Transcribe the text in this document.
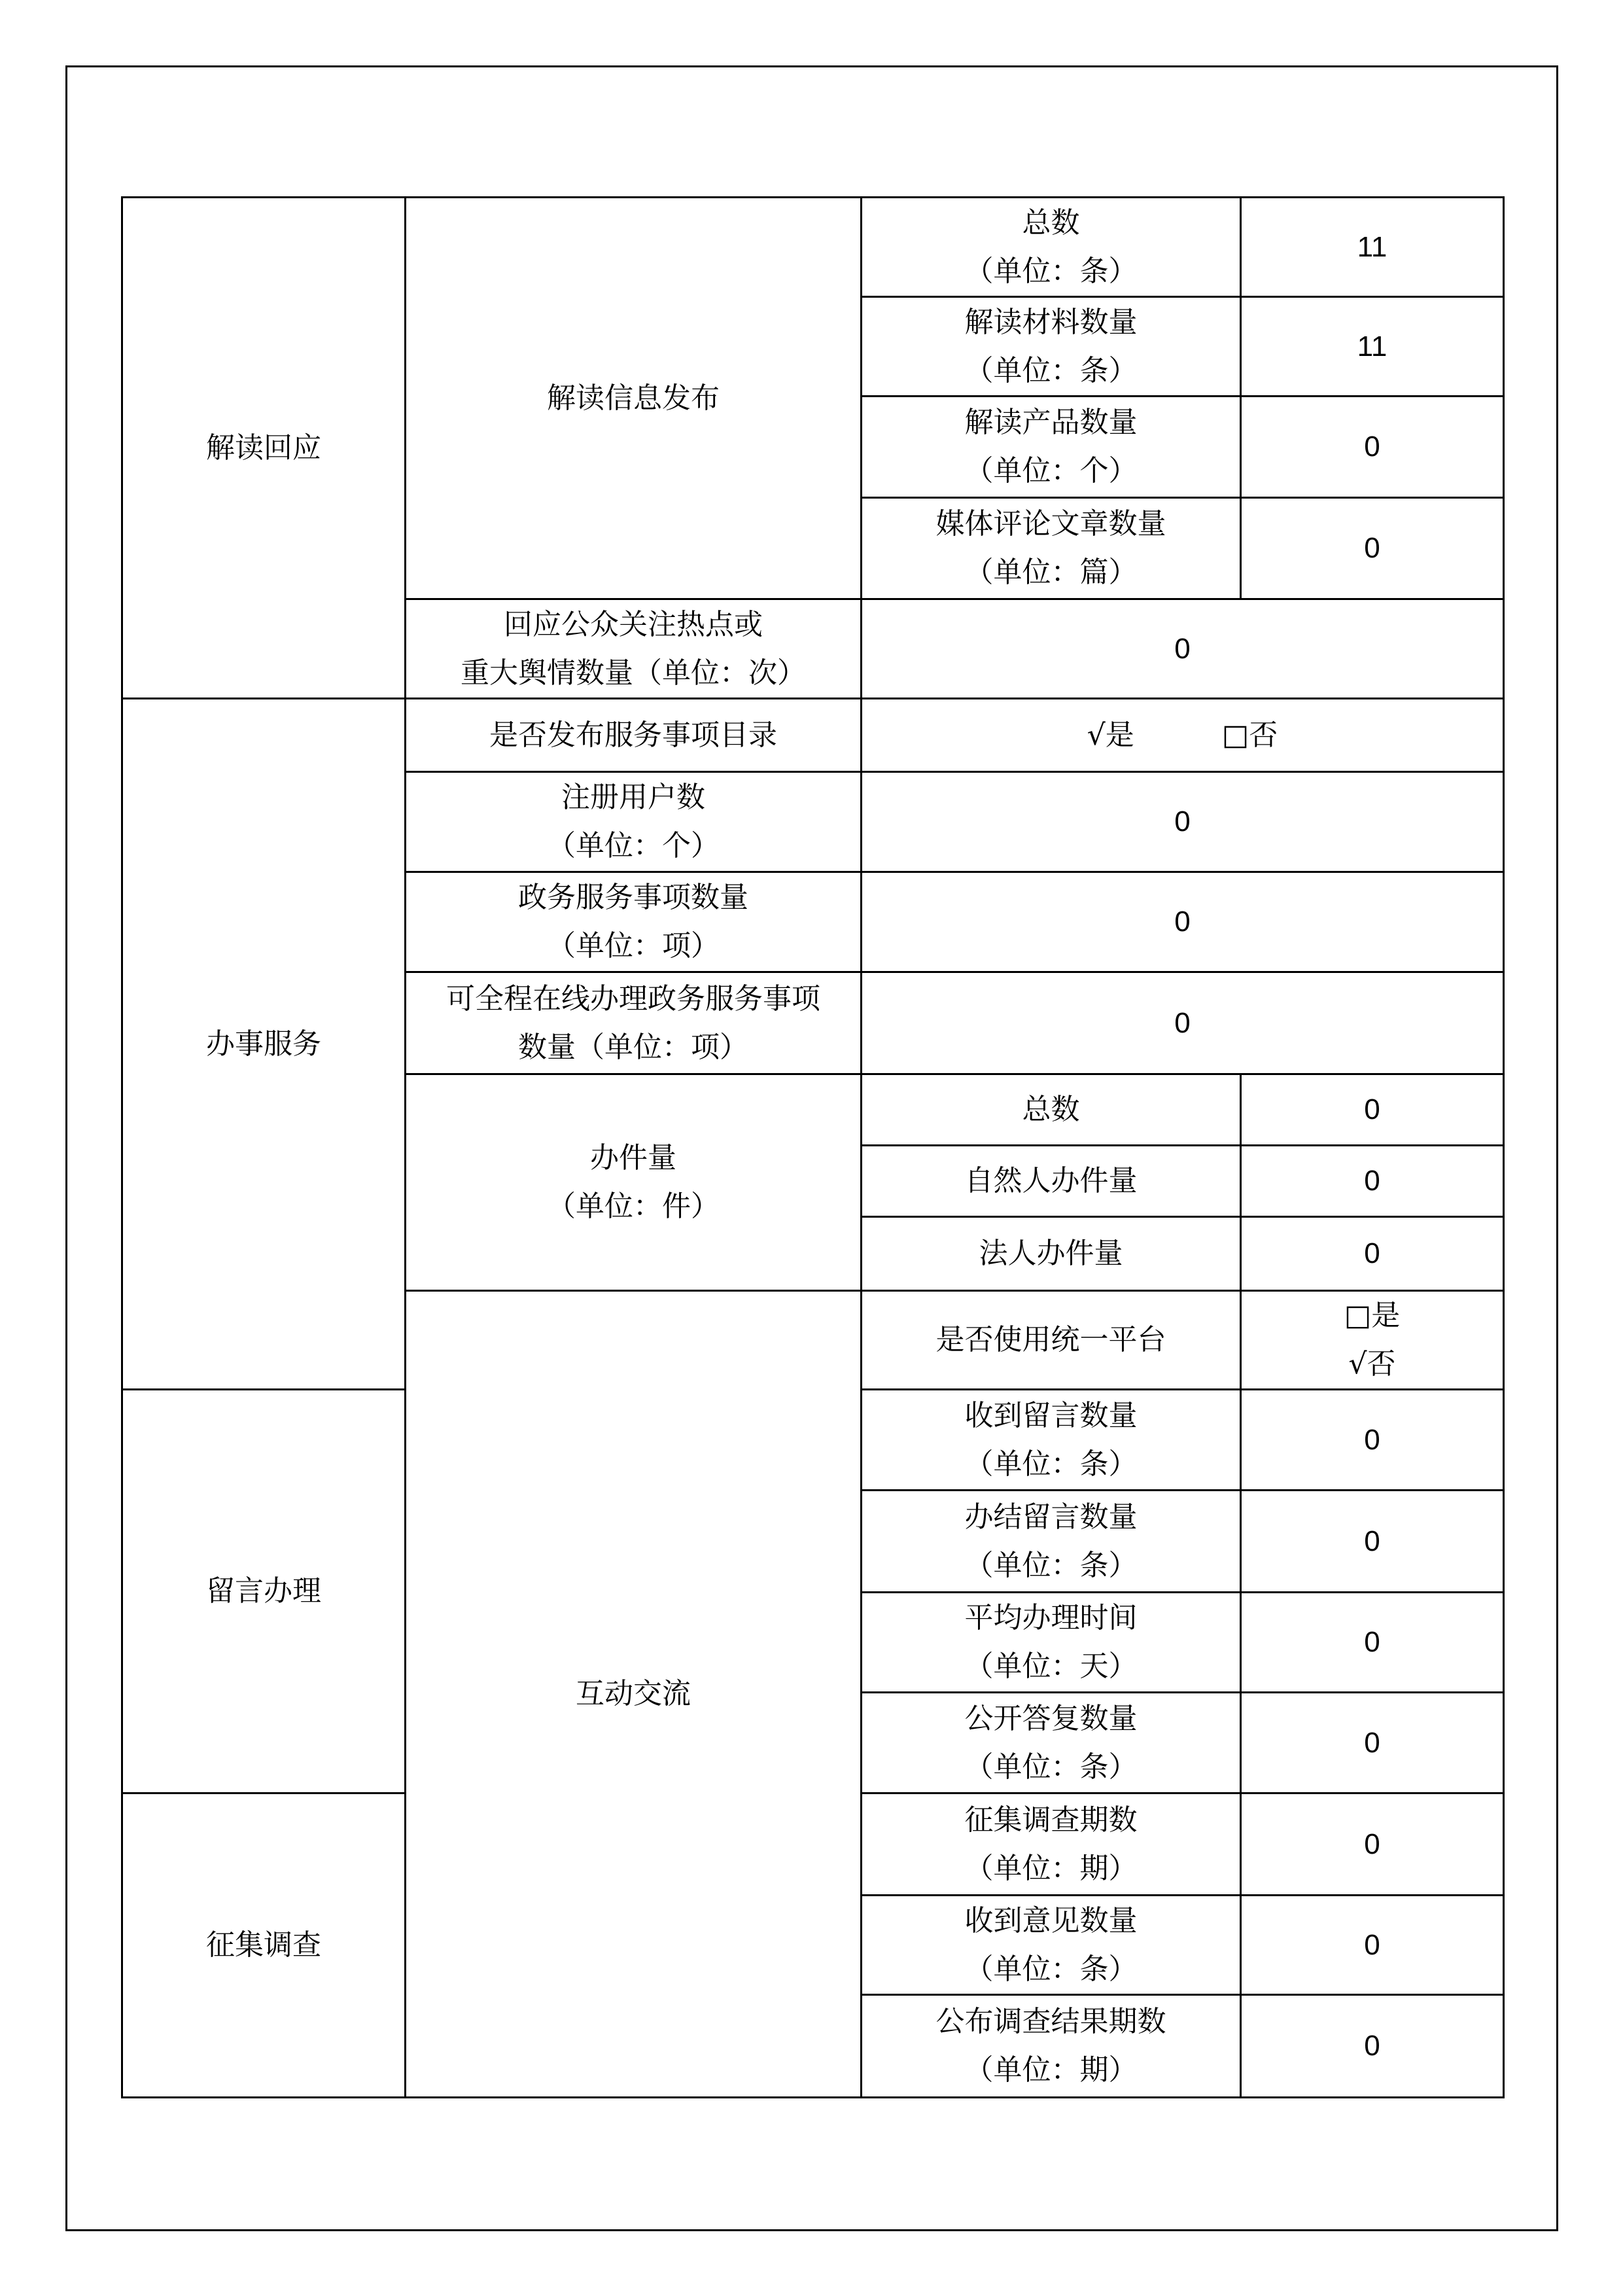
解读回应	解读信息发布	总数
（单位：条）	11

		解读材料数量
（单位：条）	11

		解读产品数量
（单位：个）	0

		媒体评论文章数量
（单位：篇）	0

	回应公众关注热点或
重大舆情数量（单位：次）	0	
办事服务	是否发布服务事项目录	√是 □否	

	注册用户数
（单位：个）	0	

	政务服务事项数量
（单位：项）	0	

	可全程在线办理政务服务事项
数量（单位：项）	0	

	办件量
（单位：件）	总数	0
		自然人办件量	0
		法人办件量	0
	互动交流	是否使用统一平台	□是 √否
留言办理		收到留言数量
（单位：条）	0

		办结留言数量
（单位：条）	0

		平均办理时间
（单位：天）	0

		公开答复数量
（单位：条）	0
征集调查		征集调查期数
（单位：期）	0

		收到意见数量
（单位：条）	0

		公布调查结果期数
（单位：期）	0
